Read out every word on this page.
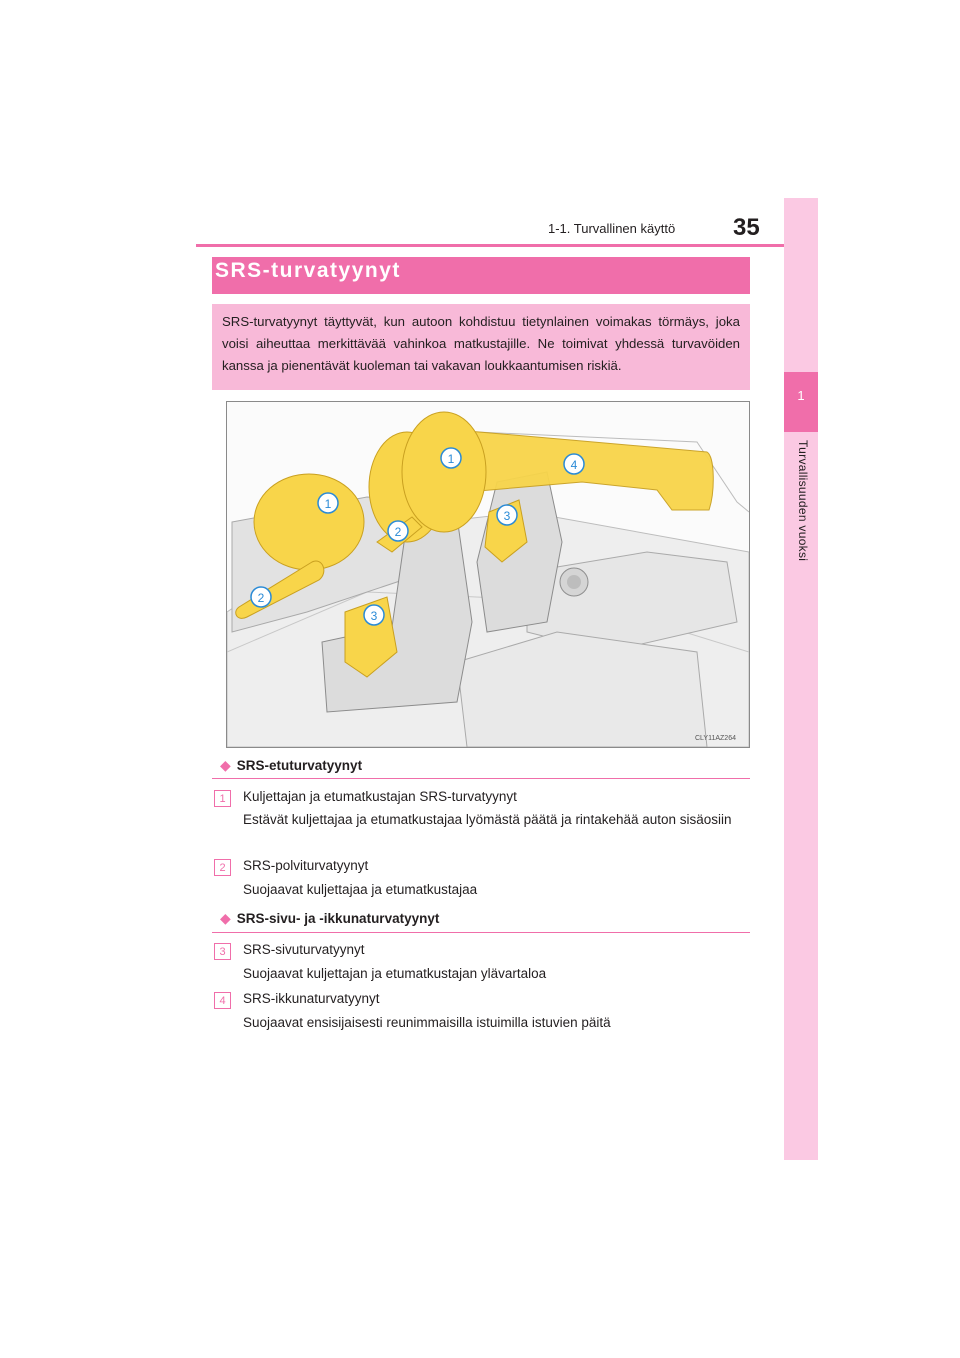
35
1-1. Turvallinen käyttö
1
Turvallisuuden vuoksi
SRS-turvatyynyt
SRS-turvatyynyt täyttyvät, kun autoon kohdistuu tietynlainen voimakas törmäys, joka voisi aiheuttaa merkittävää vahinkoa matkustajille. Ne toimivat yhdessä turvavöiden kanssa ja pienentävät kuoleman tai vakavan loukkaantumisen riskiä.
1
1
2
2
3
3
4
CLY11AZ264
◆ SRS-etuturvatyynyt
1	Kuljettajan ja etumatkustajan SRS-turvatyynyt
Estävät kuljettajaa ja etumatkustajaa lyömästä päätä ja rintakehää auton sisäosiin
2	SRS-polviturvatyynyt
Suojaavat kuljettajaa ja etumatkustajaa
◆ SRS-sivu- ja -ikkunaturvatyynyt
3	SRS-sivuturvatyynyt
Suojaavat kuljettajan ja etumatkustajan ylävartaloa
4	SRS-ikkunaturvatyynyt
Suojaavat ensisijaisesti reunimmaisilla istuimilla istuvien päitä
